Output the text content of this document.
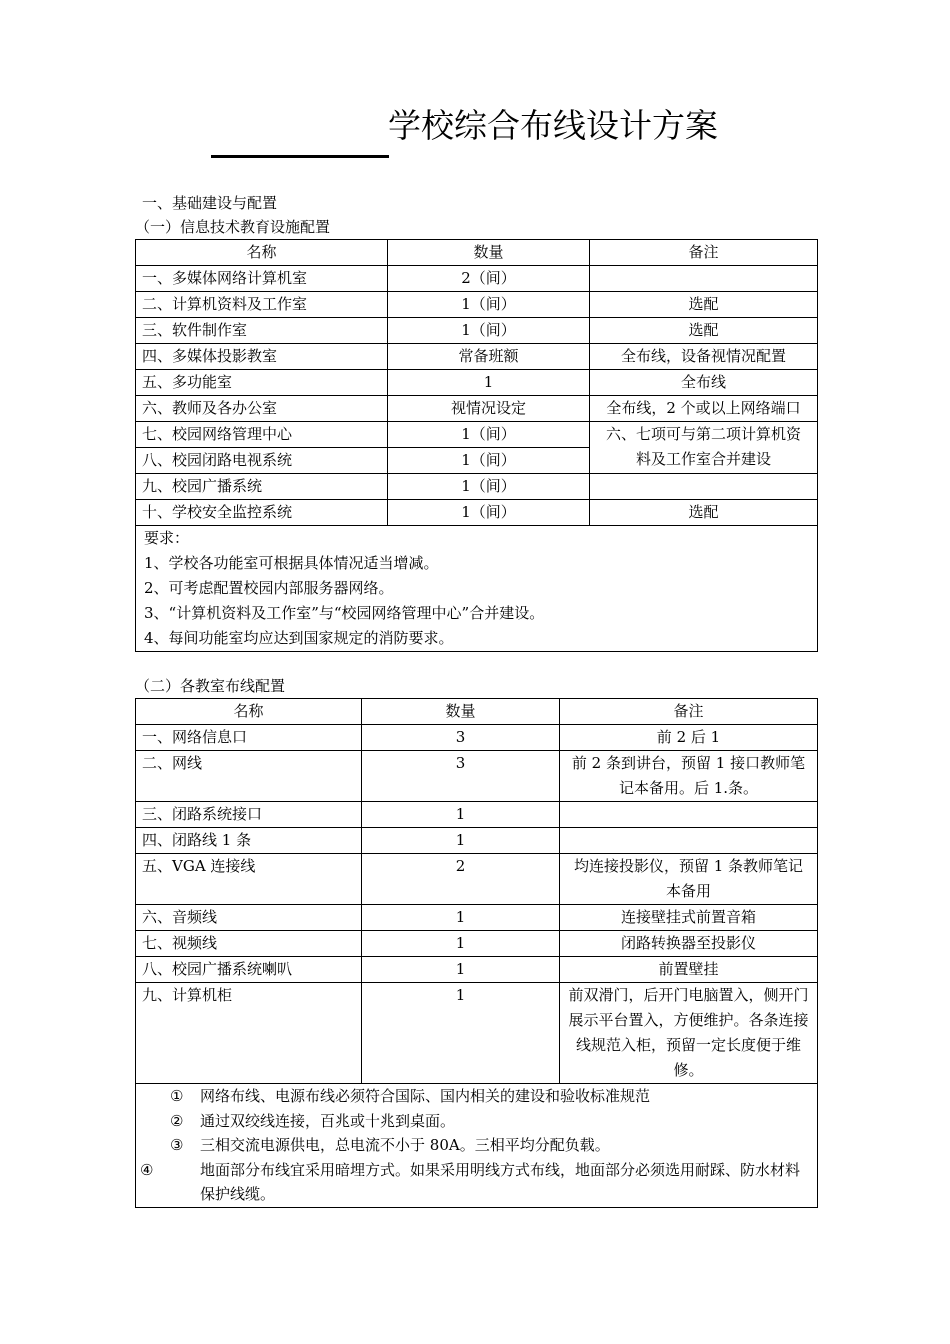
学校综合布线设计方案
一、基础建设与配置
（一）信息技术教育设施配置
名称	数量	备注
一、多媒体网络计算机室	2（间）	
二、计算机资料及工作室	1（间）	选配
三、软件制作室	1（间）	选配
四、多媒体投影教室	常备班额	全布线，设备视情况配置
五、多功能室	1	全布线
六、教师及各办公室	视情况设定	全布线，2 个或以上网络端口
七、校园网络管理中心	1（间）	六、七项可与第二项计算机资料及工作室合并建设
八、校园闭路电视系统	1（间）	
九、校园广播系统	1（间）	
十、学校安全监控系统	1（间）	选配

要求：
1、学校各功能室可根据具体情况适当增减。
2、可考虑配置校园内部服务器网络。
3、“计算机资料及工作室”与“校园网络管理中心”合并建设。
4、每间功能室均应达到国家规定的消防要求。		
（二）各教室布线配置
名称	数量	备注
一、网络信息口	3	前 2 后 1
二、网线	3	前 2 条到讲台，预留 1 接口教师笔记本备用。后 1.条。
三、闭路系统接口	1	
四、闭路线 1 条	1	
五、VGA 连接线	2	均连接投影仪，预留 1 条教师笔记本备用
六、音频线	1	连接壁挂式前置音箱
七、视频线	1	闭路转换器至投影仪
八、校园广播系统喇叭	1	前置壁挂
九、计算机柜	1	前双滑门，后开门电脑置入，侧开门展示平台置入，方便维护。各条连接线规范入柜，预留一定长度便于维修。

① 网络布线、电源布线必须符合国际、国内相关的建设和验收标准规范
② 通过双绞线连接，百兆或十兆到桌面。
③ 三相交流电源供电，总电流不小于 80A。三相平均分配负载。
④ 地面部分布线宜采用暗埋方式。如果采用明线方式布线，地面部分必须选用耐踩、防水材料保护线缆。		
